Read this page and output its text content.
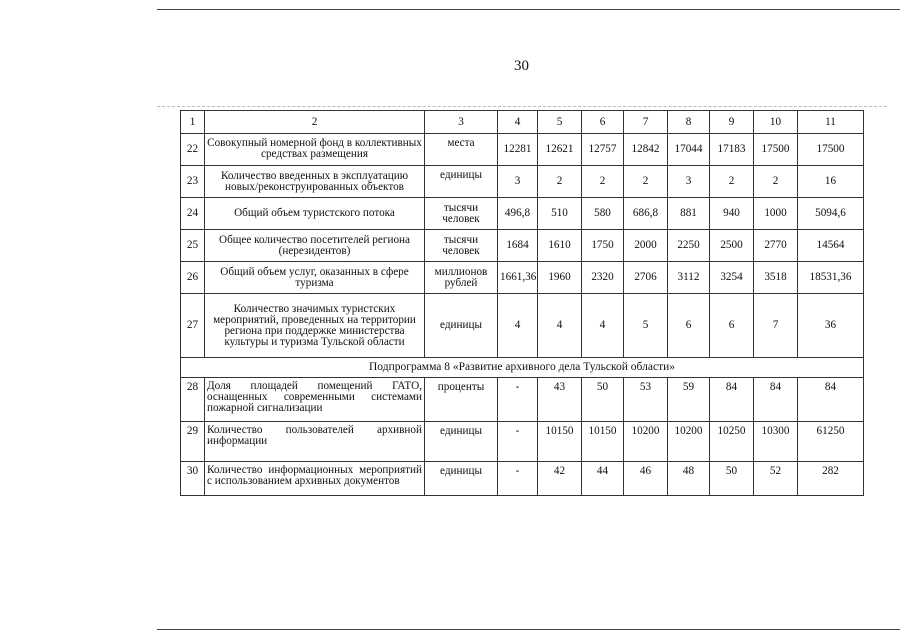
30
1	2	3	4	5	6	7	8	9	10	11
22	Совокупный номерной фонд в коллективных средствах размещения	места	12281	12621	12757	12842	17044	17183	17500	17500
23	Количество введенных в эксплуатацию новых/реконструированных объектов	единицы	3	2	2	2	3	2	2	16
24	Общий объем туристского потока	тысячи человек	496,8	510	580	686,8	881	940	1000	5094,6
25	Общее количество посетителей региона (нерезидентов)	тысячи человек	1684	1610	1750	2000	2250	2500	2770	14564
26	Общий объем услуг, оказанных в сфере туризма	миллионов рублей	1661,36	1960	2320	2706	3112	3254	3518	18531,36
27	Количество значимых туристских мероприятий, проведенных на территории региона при поддержке министерства культуры и туризма Тульской области	единицы	4	4	4	5	6	6	7	36
Подпрограмма 8 «Развитие архивного дела Тульской области»										
28	Доля площадей помещений ГАТО, оснащенных современными системами пожарной сигнализации	проценты	-	43	50	53	59	84	84	84
29	Количество пользователей архивной информации	единицы	-	10150	10150	10200	10200	10250	10300	61250
30	Количество информационных мероприятий с использованием архивных документов	единицы	-	42	44	46	48	50	52	282
